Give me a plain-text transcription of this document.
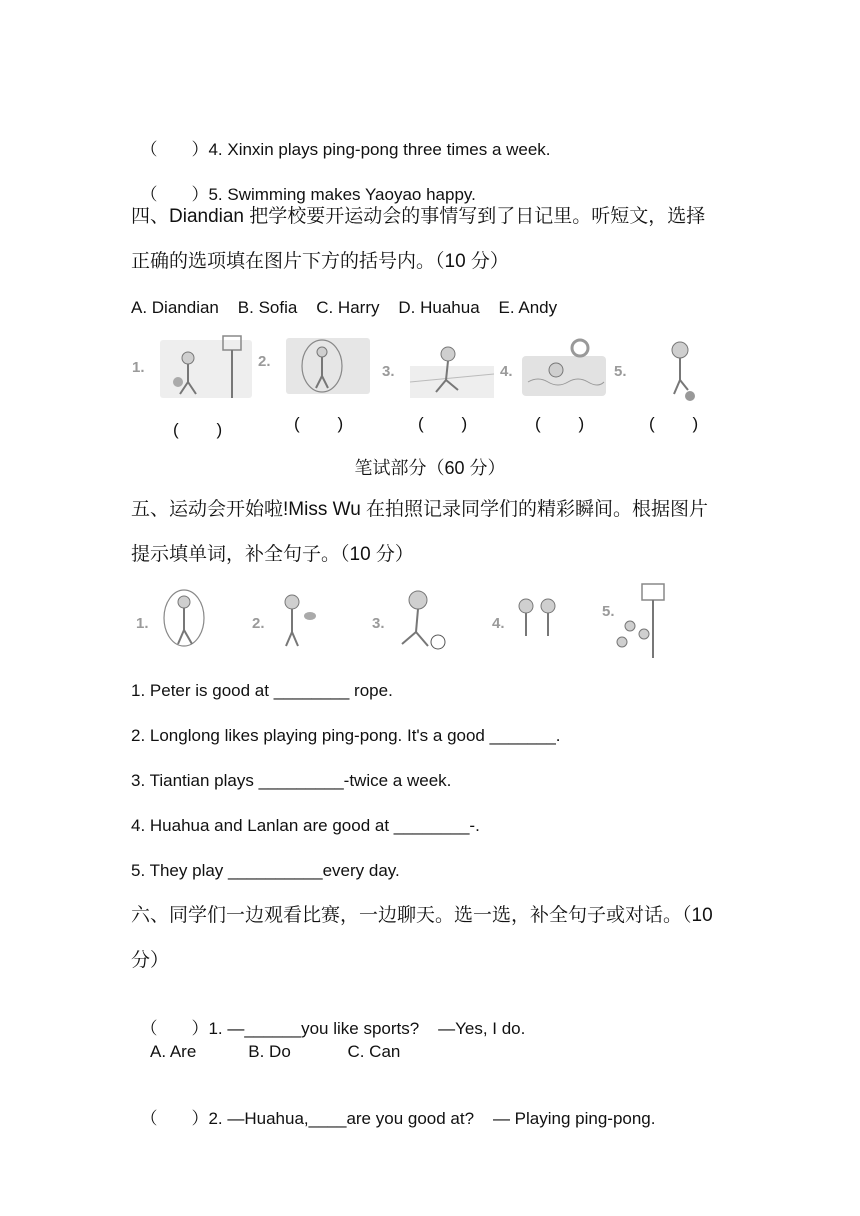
（　　）4. Xinxin plays ping-pong three times a week.

（　　）5. Swimming makes Yaoyao happy.

四、Diandian 把学校要开运动会的事情写到了日记里。听短文，选择
正确的选项填在图片下方的括号内。（10 分）
A. Diandian    B. Sofia    C. Harry    D. Huahua    E. Andy
1.	2.
3.	4.	5.
(        )	(        )	(        )	(        )	(        )
笔试部分（60 分）
五、运动会开始啦!Miss Wu 在拍照记录同学们的精彩瞬间。根据图片
提示填单词，补全句子。（10 分）
1.	2.	3.	4.
5.
1. Peter is good at ________ rope.
2. Longlong likes playing ping-pong. It's a good _______.
3. Tiantian plays _________-twice a week.
4. Huahua and Lanlan are good at ________-.
5. They play __________every day.
六、同学们一边观看比赛，一边聊天。选一选，补全句子或对话。（10
分）

（　　）1. —______you like sports?    —Yes, I do.

A. Are           B. Do            C. Can

（　　）2. —Huahua,____are you good at?    — Playing ping-pong.
